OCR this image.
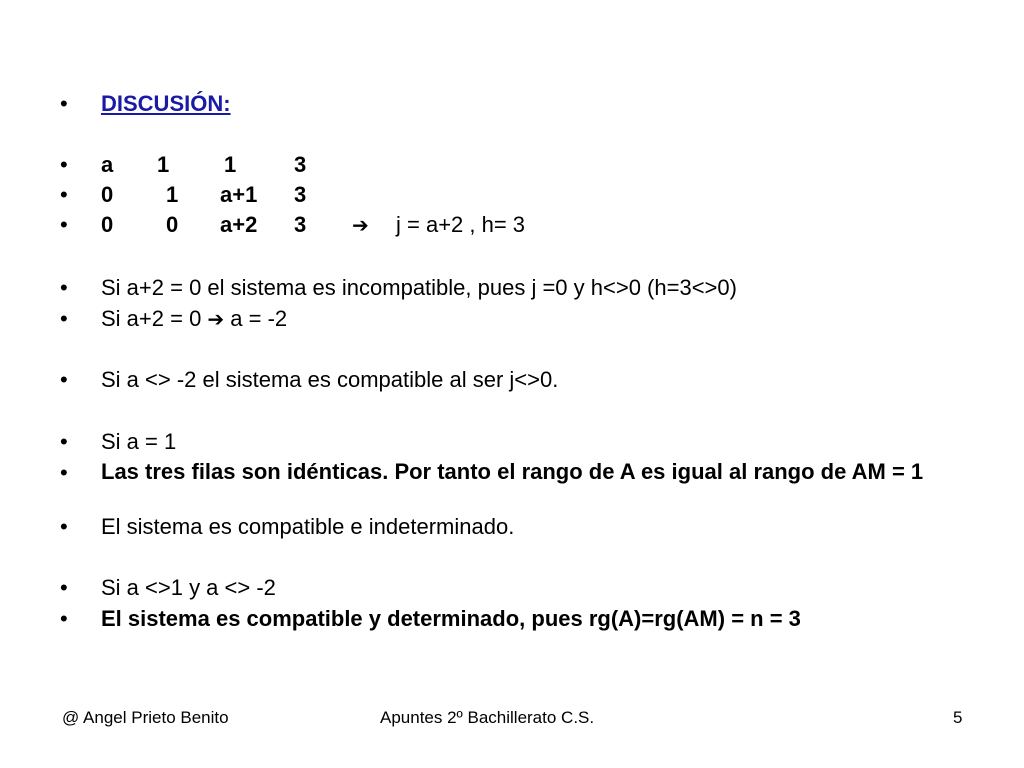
•	DISCUSIÓN:
•	a 1 1	3
•	0 1 a+1 3
•	0 0 a+2 3 ➔ j = a+2 , h= 3
•	Si a+2 = 0 el sistema es incompatible, pues j =0 y h<>0 (h=3<>0)
•	Si a+2 = 0 ➔ a = -2
•	Si a <> -2 el sistema es compatible al ser j<>0.
•	Si a = 1
•	Las tres filas son idénticas. Por tanto el rango de A es igual al rango de AM = 1
•	El sistema es compatible e indeterminado.
•	Si a <>1 y a <> -2
•	El sistema es compatible y determinado, pues rg(A)=rg(AM) = n = 3
@ Angel Prieto Benito	Apuntes 2º Bachillerato C.S.	5
